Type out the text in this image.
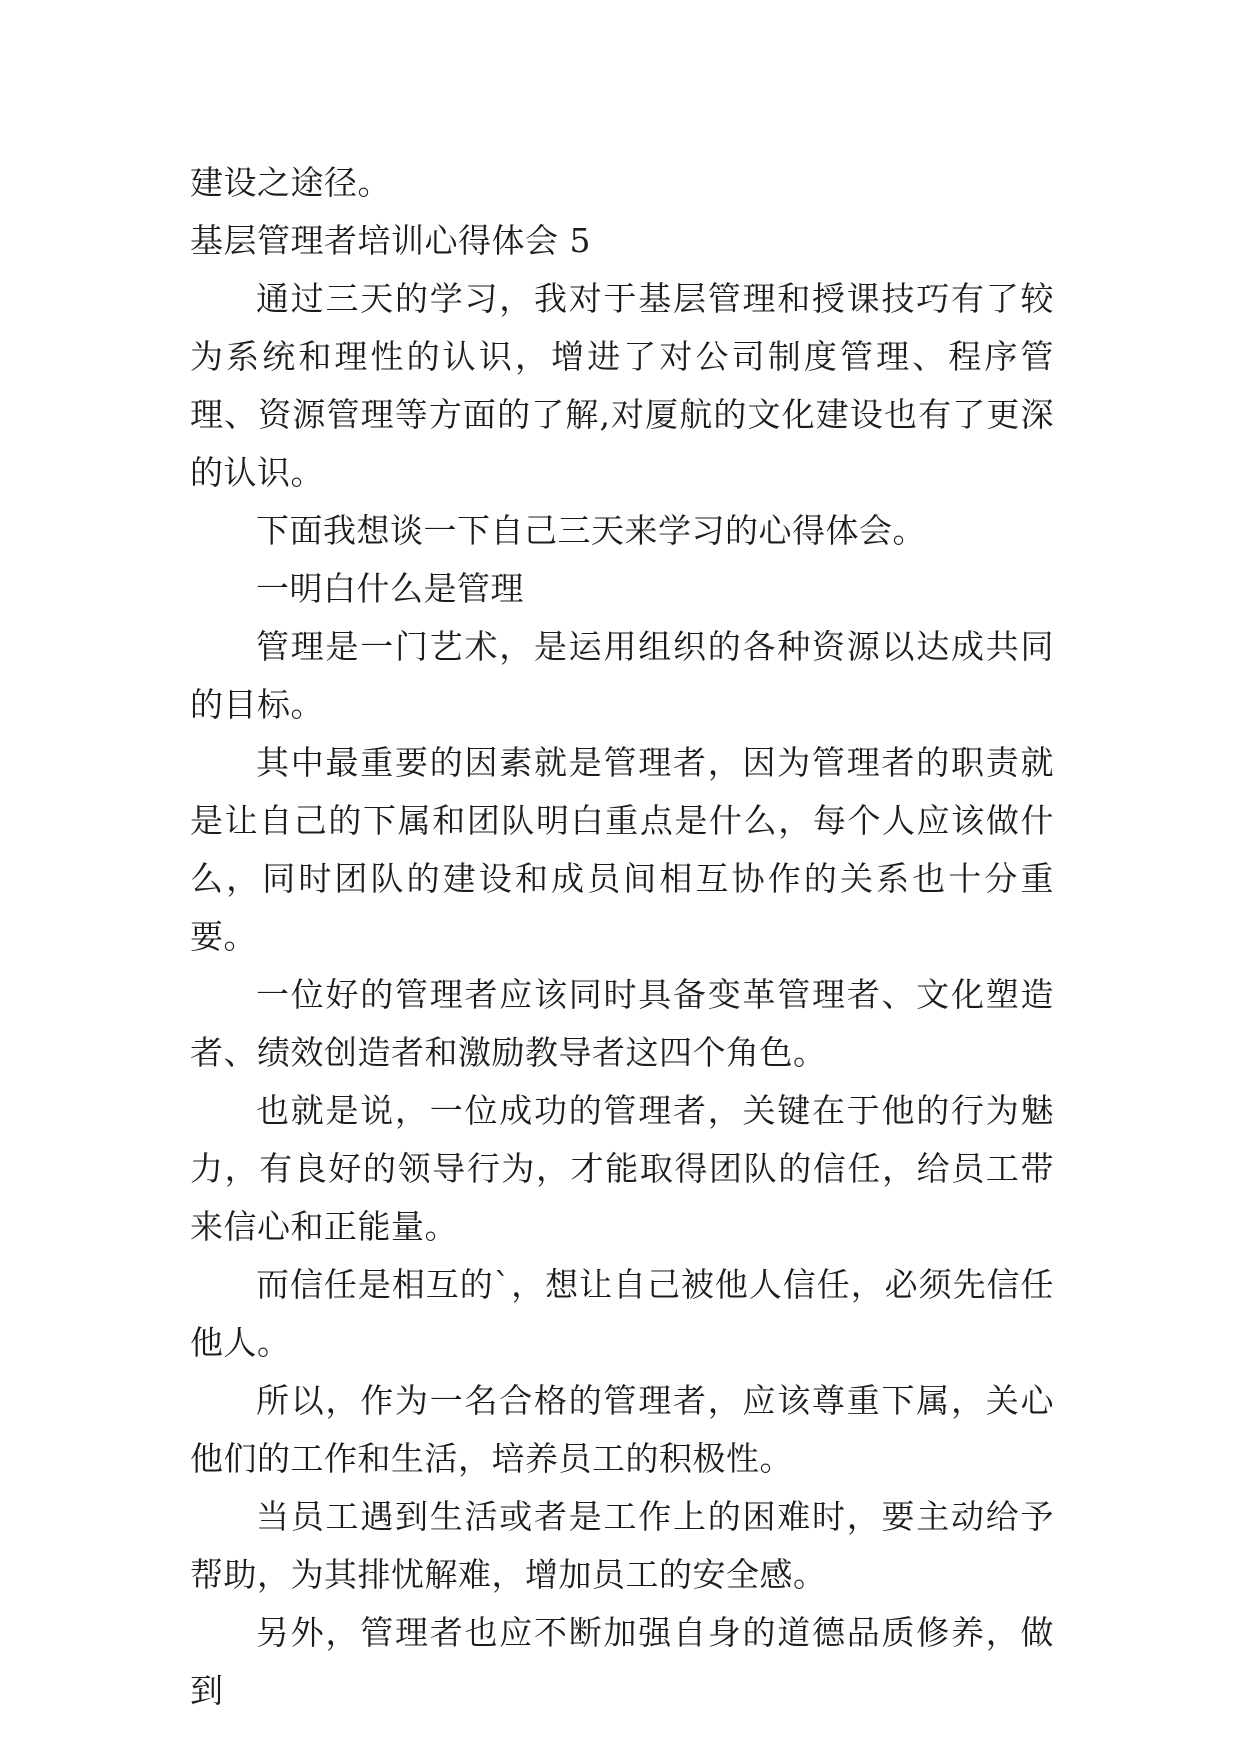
建设之途径。

基层管理者培训心得体会 5

通过三天的学习，我对于基层管理和授课技巧有了较为系统和理性的认识，增进了对公司制度管理、程序管理、资源管理等方面的了解,对厦航的文化建设也有了更深的认识。

下面我想谈一下自己三天来学习的心得体会。

一明白什么是管理

管理是一门艺术，是运用组织的各种资源以达成共同的目标。

其中最重要的因素就是管理者，因为管理者的职责就是让自己的下属和团队明白重点是什么，每个人应该做什么，同时团队的建设和成员间相互协作的关系也十分重要。

一位好的管理者应该同时具备变革管理者、文化塑造者、绩效创造者和激励教导者这四个角色。

也就是说，一位成功的管理者，关键在于他的行为魅力，有良好的领导行为，才能取得团队的信任，给员工带来信心和正能量。

而信任是相互的`，想让自己被他人信任，必须先信任他人。

所以，作为一名合格的管理者，应该尊重下属，关心他们的工作和生活，培养员工的积极性。

当员工遇到生活或者是工作上的困难时，要主动给予帮助，为其排忧解难，增加员工的安全感。

另外，管理者也应不断加强自身的道德品质修养，做到
